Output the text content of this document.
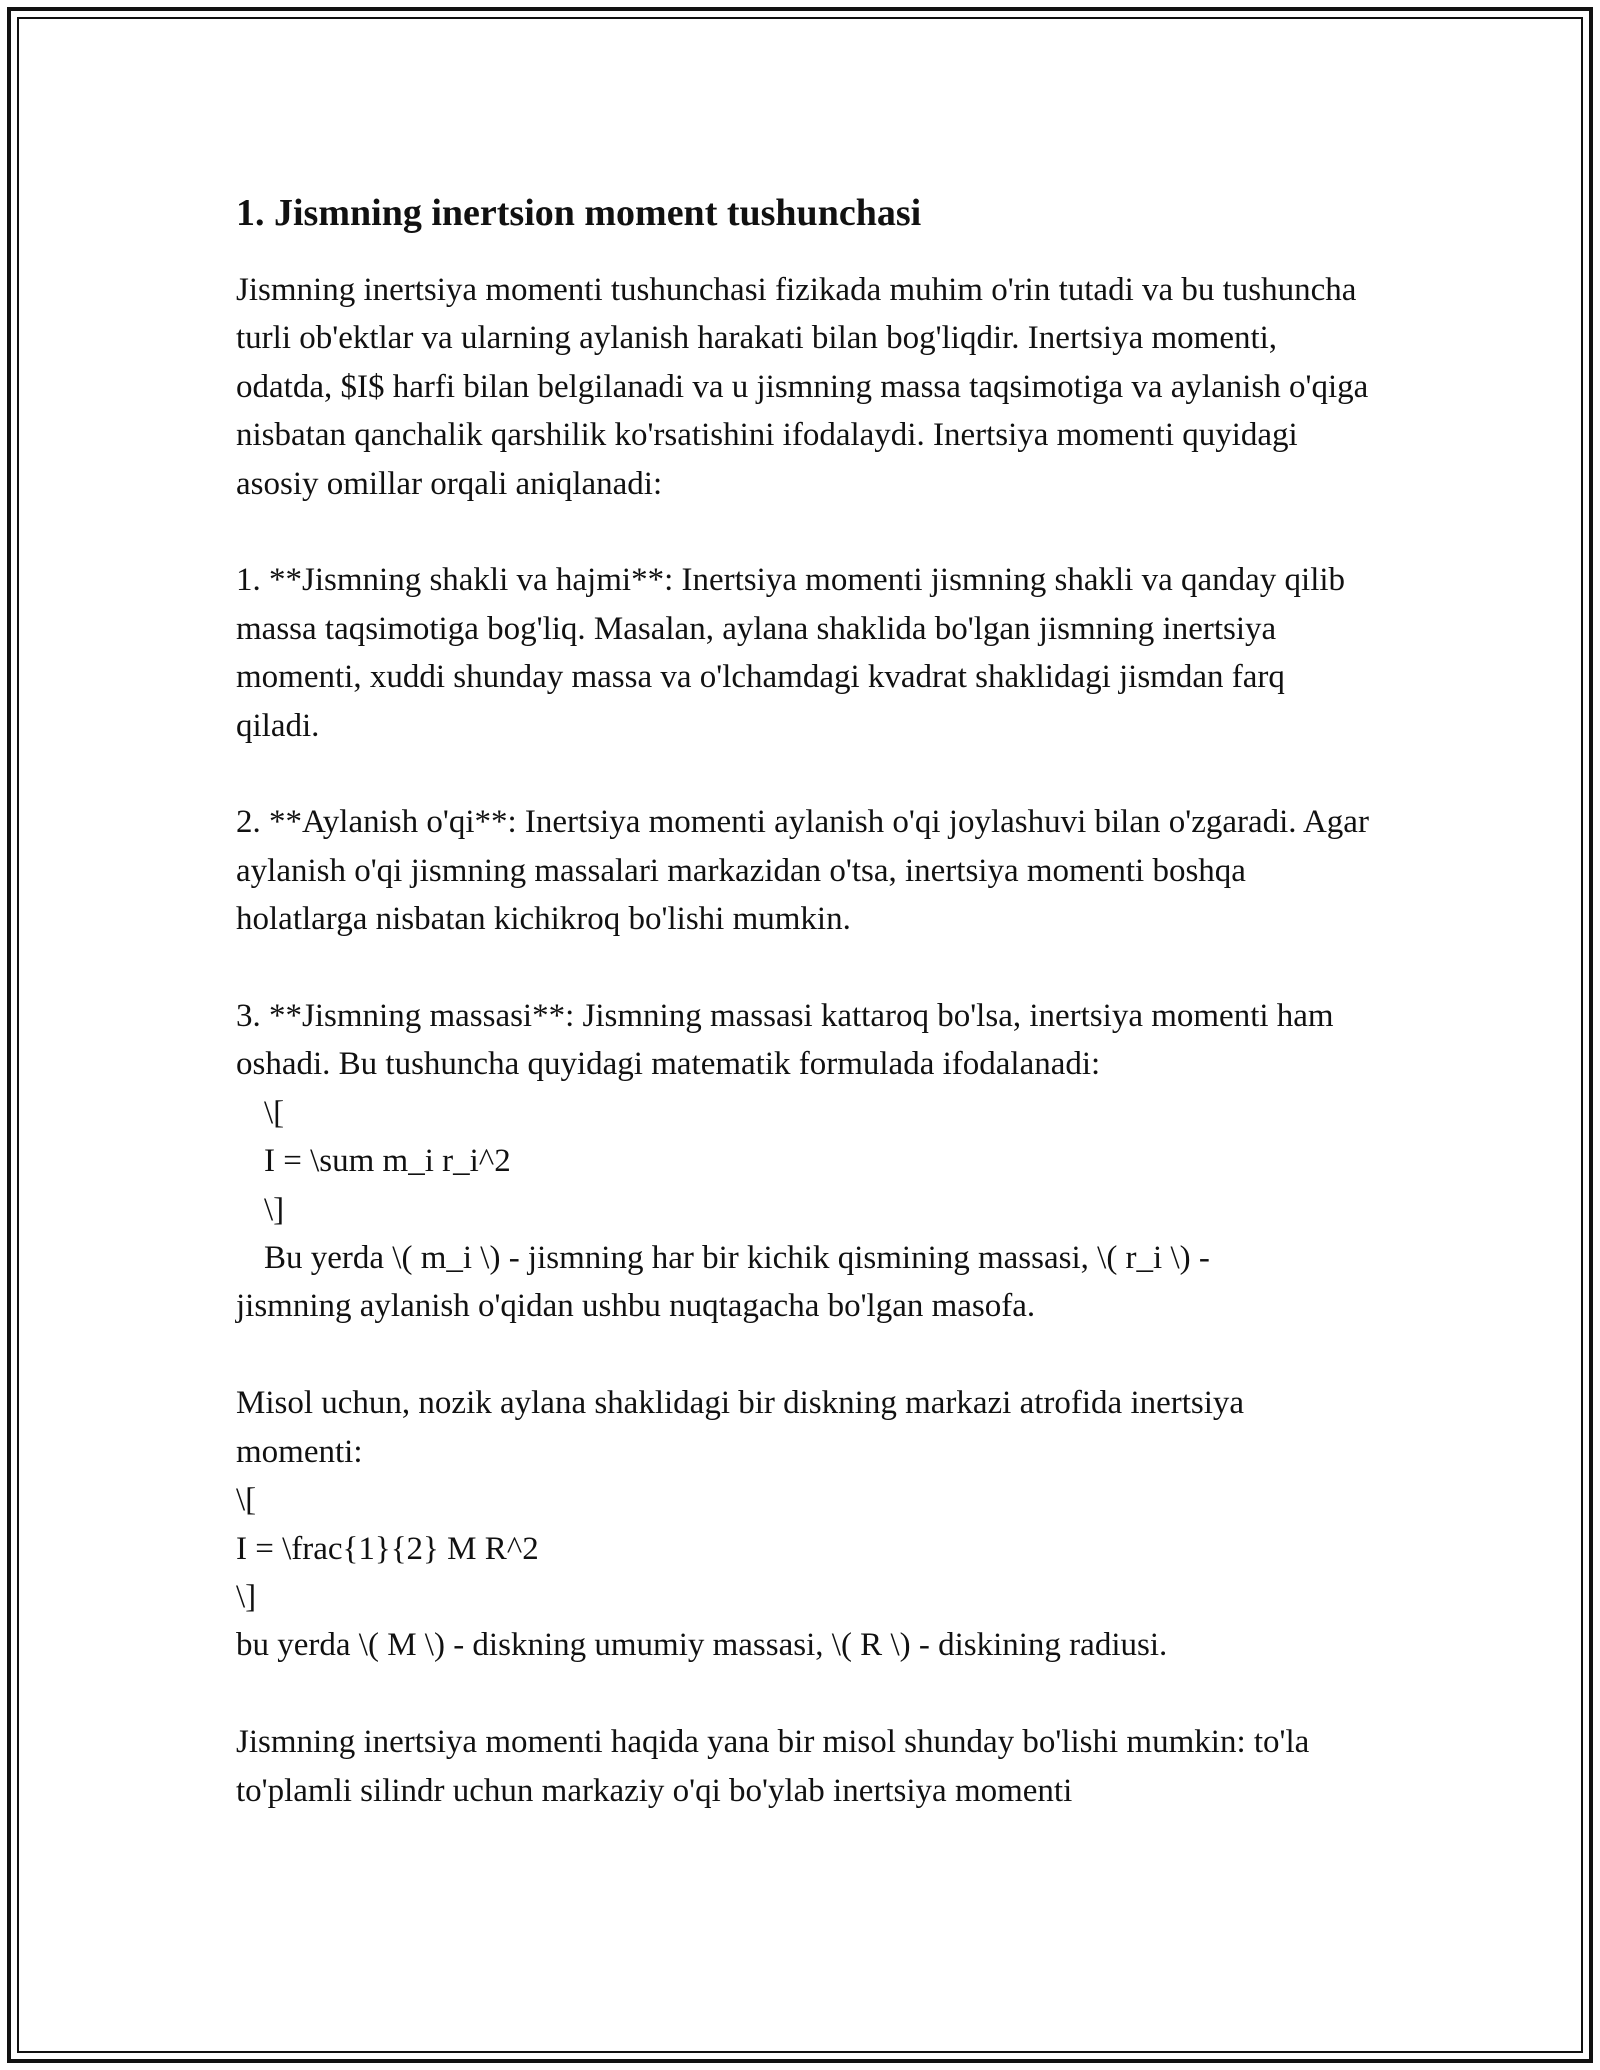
1. Jismning inertsion moment tushunchasi

Jismning inertsiya momenti tushunchasi fizikada muhim o'rin tutadi va bu tushuncha turli ob'ektlar va ularning aylanish harakati bilan bog'liqdir. Inertsiya momenti, odatda, $I$ harfi bilan belgilanadi va u jismning massa taqsimotiga va aylanish o'qiga nisbatan qanchalik qarshilik ko'rsatishini ifodalaydi. Inertsiya momenti quyidagi asosiy omillar orqali aniqlanadi:

1. **Jismning shakli va hajmi**: Inertsiya momenti jismning shakli va qanday qilib massa taqsimotiga bog'liq. Masalan, aylana shaklida bo'lgan jismning inertsiya momenti, xuddi shunday massa va o'lchamdagi kvadrat shaklidagi jismdan farq qiladi.

2. **Aylanish o'qi**: Inertsiya momenti aylanish o'qi joylashuvi bilan o'zgaradi. Agar aylanish o'qi jismning massalari markazidan o'tsa, inertsiya momenti boshqa holatlarga nisbatan kichikroq bo'lishi mumkin.

3. **Jismning massasi**: Jismning massasi kattaroq bo'lsa, inertsiya momenti ham oshadi. Bu tushuncha quyidagi matematik formulada ifodalanadi:

\[

I = \sum m_i r_i^2

\]

Bu yerda \( m_i \) - jismning har bir kichik qismining massasi, \( r_i \) -

jismning aylanish o'qidan ushbu nuqtagacha bo'lgan masofa.

Misol uchun, nozik aylana shaklidagi bir diskning markazi atrofida inertsiya momenti:

\[

I = \frac{1}{2} M R^2

\]

bu yerda \( M \) - diskning umumiy massasi, \( R \) - diskining radiusi.

Jismning inertsiya momenti haqida yana bir misol shunday bo'lishi mumkin: to'la to'plamli silindr uchun markaziy o'qi bo'ylab inertsiya momenti
